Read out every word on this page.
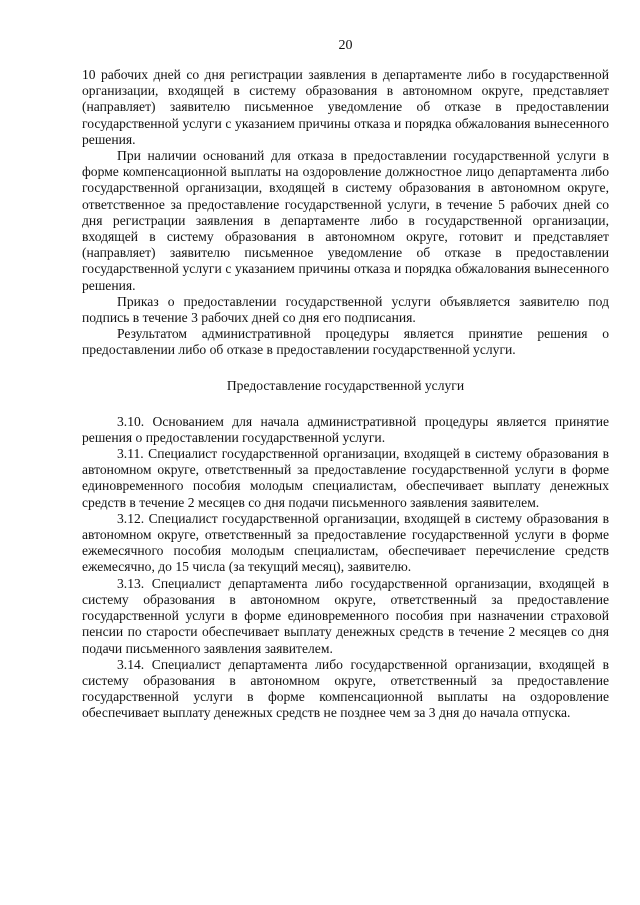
20

10 рабочих дней со дня регистрации заявления в департаменте либо в государственной организации, входящей в систему образования в автономном округе, представляет (направляет) заявителю письменное уведомление об отказе в предоставлении государственной услуги с указанием причины отказа и порядка обжалования вынесенного решения.

При наличии оснований для отказа в предоставлении государственной услуги в форме компенсационной выплаты на оздоровление должностное лицо департамента либо государственной организации, входящей в систему образования в автономном округе, ответственное за предоставление государственной услуги, в течение 5 рабочих дней со дня регистрации заявления в департаменте либо в государственной организации, входящей в систему образования в автономном округе, готовит и представляет (направляет) заявителю письменное уведомление об отказе в предоставлении государственной услуги с указанием причины отказа и порядка обжалования вынесенного решения.

Приказ о предоставлении государственной услуги объявляется заявителю под подпись в течение 3 рабочих дней со дня его подписания.

Результатом административной процедуры является принятие решения о предоставлении либо об отказе в предоставлении государственной услуги.

Предоставление государственной услуги

3.10. Основанием для начала административной процедуры является принятие решения о предоставлении государственной услуги.

3.11. Специалист государственной организации, входящей в систему образования в автономном округе, ответственный за предоставление государственной услуги в форме единовременного пособия молодым специалистам, обеспечивает выплату денежных средств в течение 2 месяцев со дня подачи письменного заявления заявителем.

3.12. Специалист государственной организации, входящей в систему образования в автономном округе, ответственный за предоставление государственной услуги в форме ежемесячного пособия молодым специалистам, обеспечивает перечисление средств ежемесячно, до 15 числа (за текущий месяц), заявителю.

3.13. Специалист департамента либо государственной организации, входящей в систему образования в автономном округе, ответственный за предоставление государственной услуги в форме единовременного пособия при назначении страховой пенсии по старости обеспечивает выплату денежных средств в течение 2 месяцев со дня подачи письменного заявления заявителем.

3.14. Специалист департамента либо государственной организации, входящей в систему образования в автономном округе, ответственный за предоставление государственной услуги в форме компенсационной выплаты на оздоровление обеспечивает выплату денежных средств не позднее чем за 3 дня до начала отпуска.
